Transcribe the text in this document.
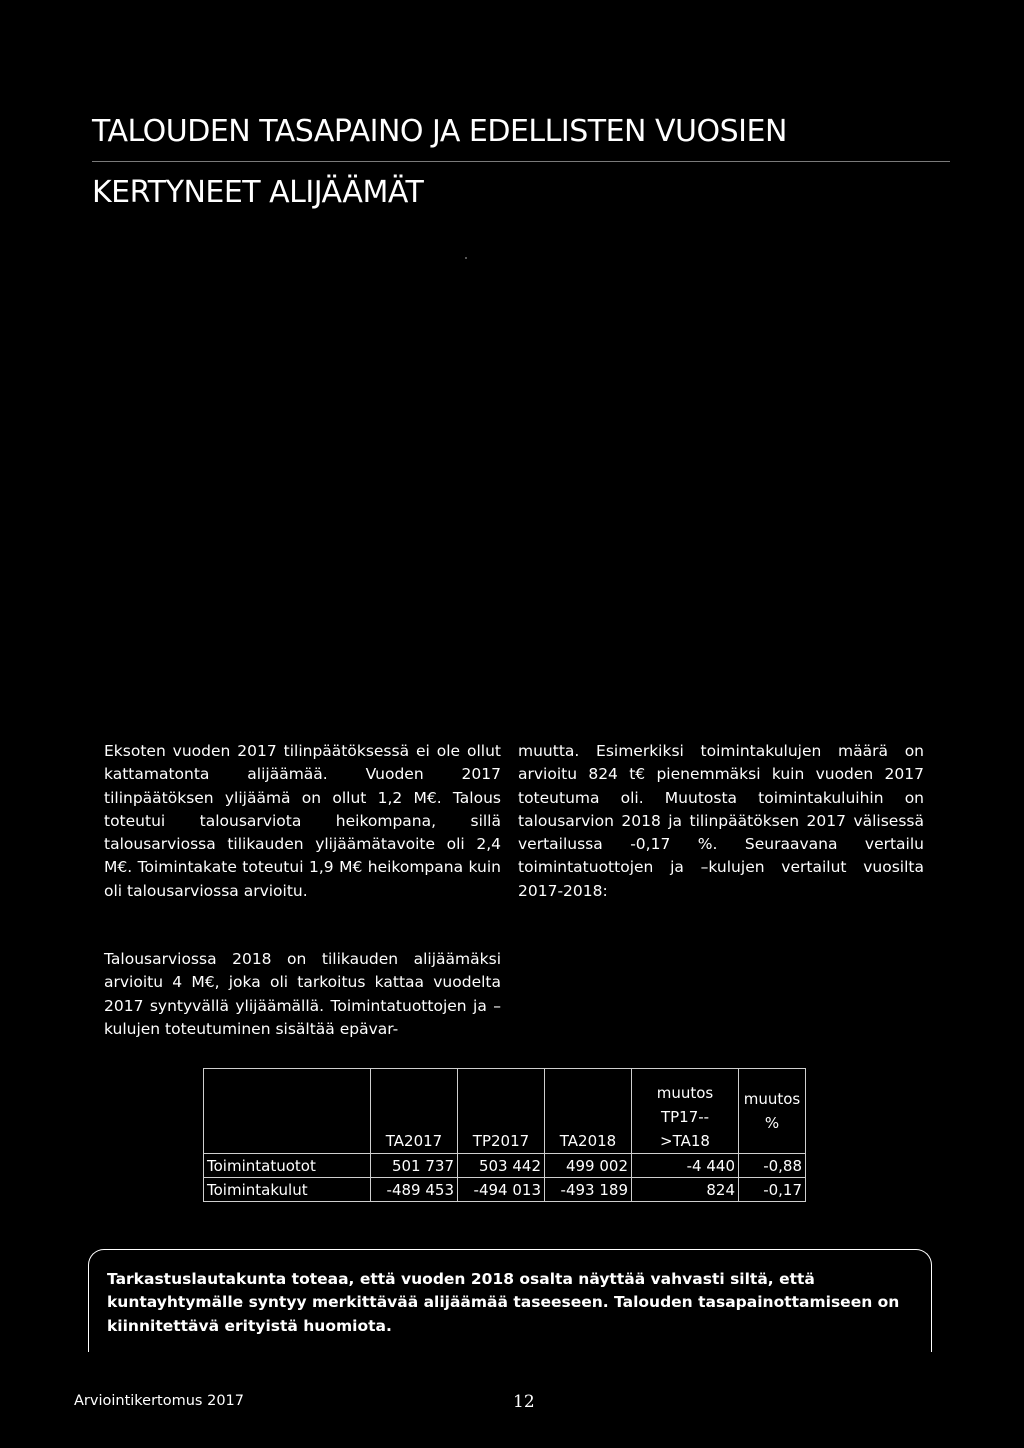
TALOUDEN TASAPAINO JA EDELLISTEN VUOSIEN
KERTYNEET ALIJÄÄMÄT

Eksoten vuoden 2017 tilinpäätöksessä ei ole ollut kattamatonta alijäämää. Vuoden 2017 tilinpäätöksen ylijäämä on ollut 1,2 M€. Talous toteutui talousarviota heikompana, sillä talousarviossa tilikauden ylijäämätavoite oli 2,4 M€. Toimintakate toteutui 1,9 M€ heikompana kuin oli talousarviossa arvioitu.

Talousarviossa 2018 on tilikauden alijäämäksi arvioitu 4 M€, joka oli tarkoitus kattaa vuodelta 2017 syntyvällä ylijäämällä. Toimintatuottojen ja –kulujen toteutuminen sisältää epävar-

muutta. Esimerkiksi toimintakulujen määrä on arvioitu 824 t€ pienemmäksi kuin vuoden 2017 toteutuma oli. Muutosta toimintakuluihin on talousarvion 2018 ja tilinpäätöksen 2017 välisessä vertailussa -0,17 %. Seuraavana vertailu toimintatuottojen ja –kulujen vertailut vuosilta 2017-2018:

	TA2017	TP2017	TA2018	muutos TP17-- >TA18	muutos %
Toimintatuotot	501 737	503 442	499 002	-4 440	-0,88
Toimintakulut	-489 453	-494 013	-493 189	824	-0,17

Tarkastuslautakunta toteaa, että vuoden 2018 osalta näyttää vahvasti siltä, että kuntayhtymälle syntyy merkittävää alijäämää taseeseen. Talouden tasapainottamiseen on kiinnitettävä erityistä huomiota.

Arviointikertomus 2017	12
